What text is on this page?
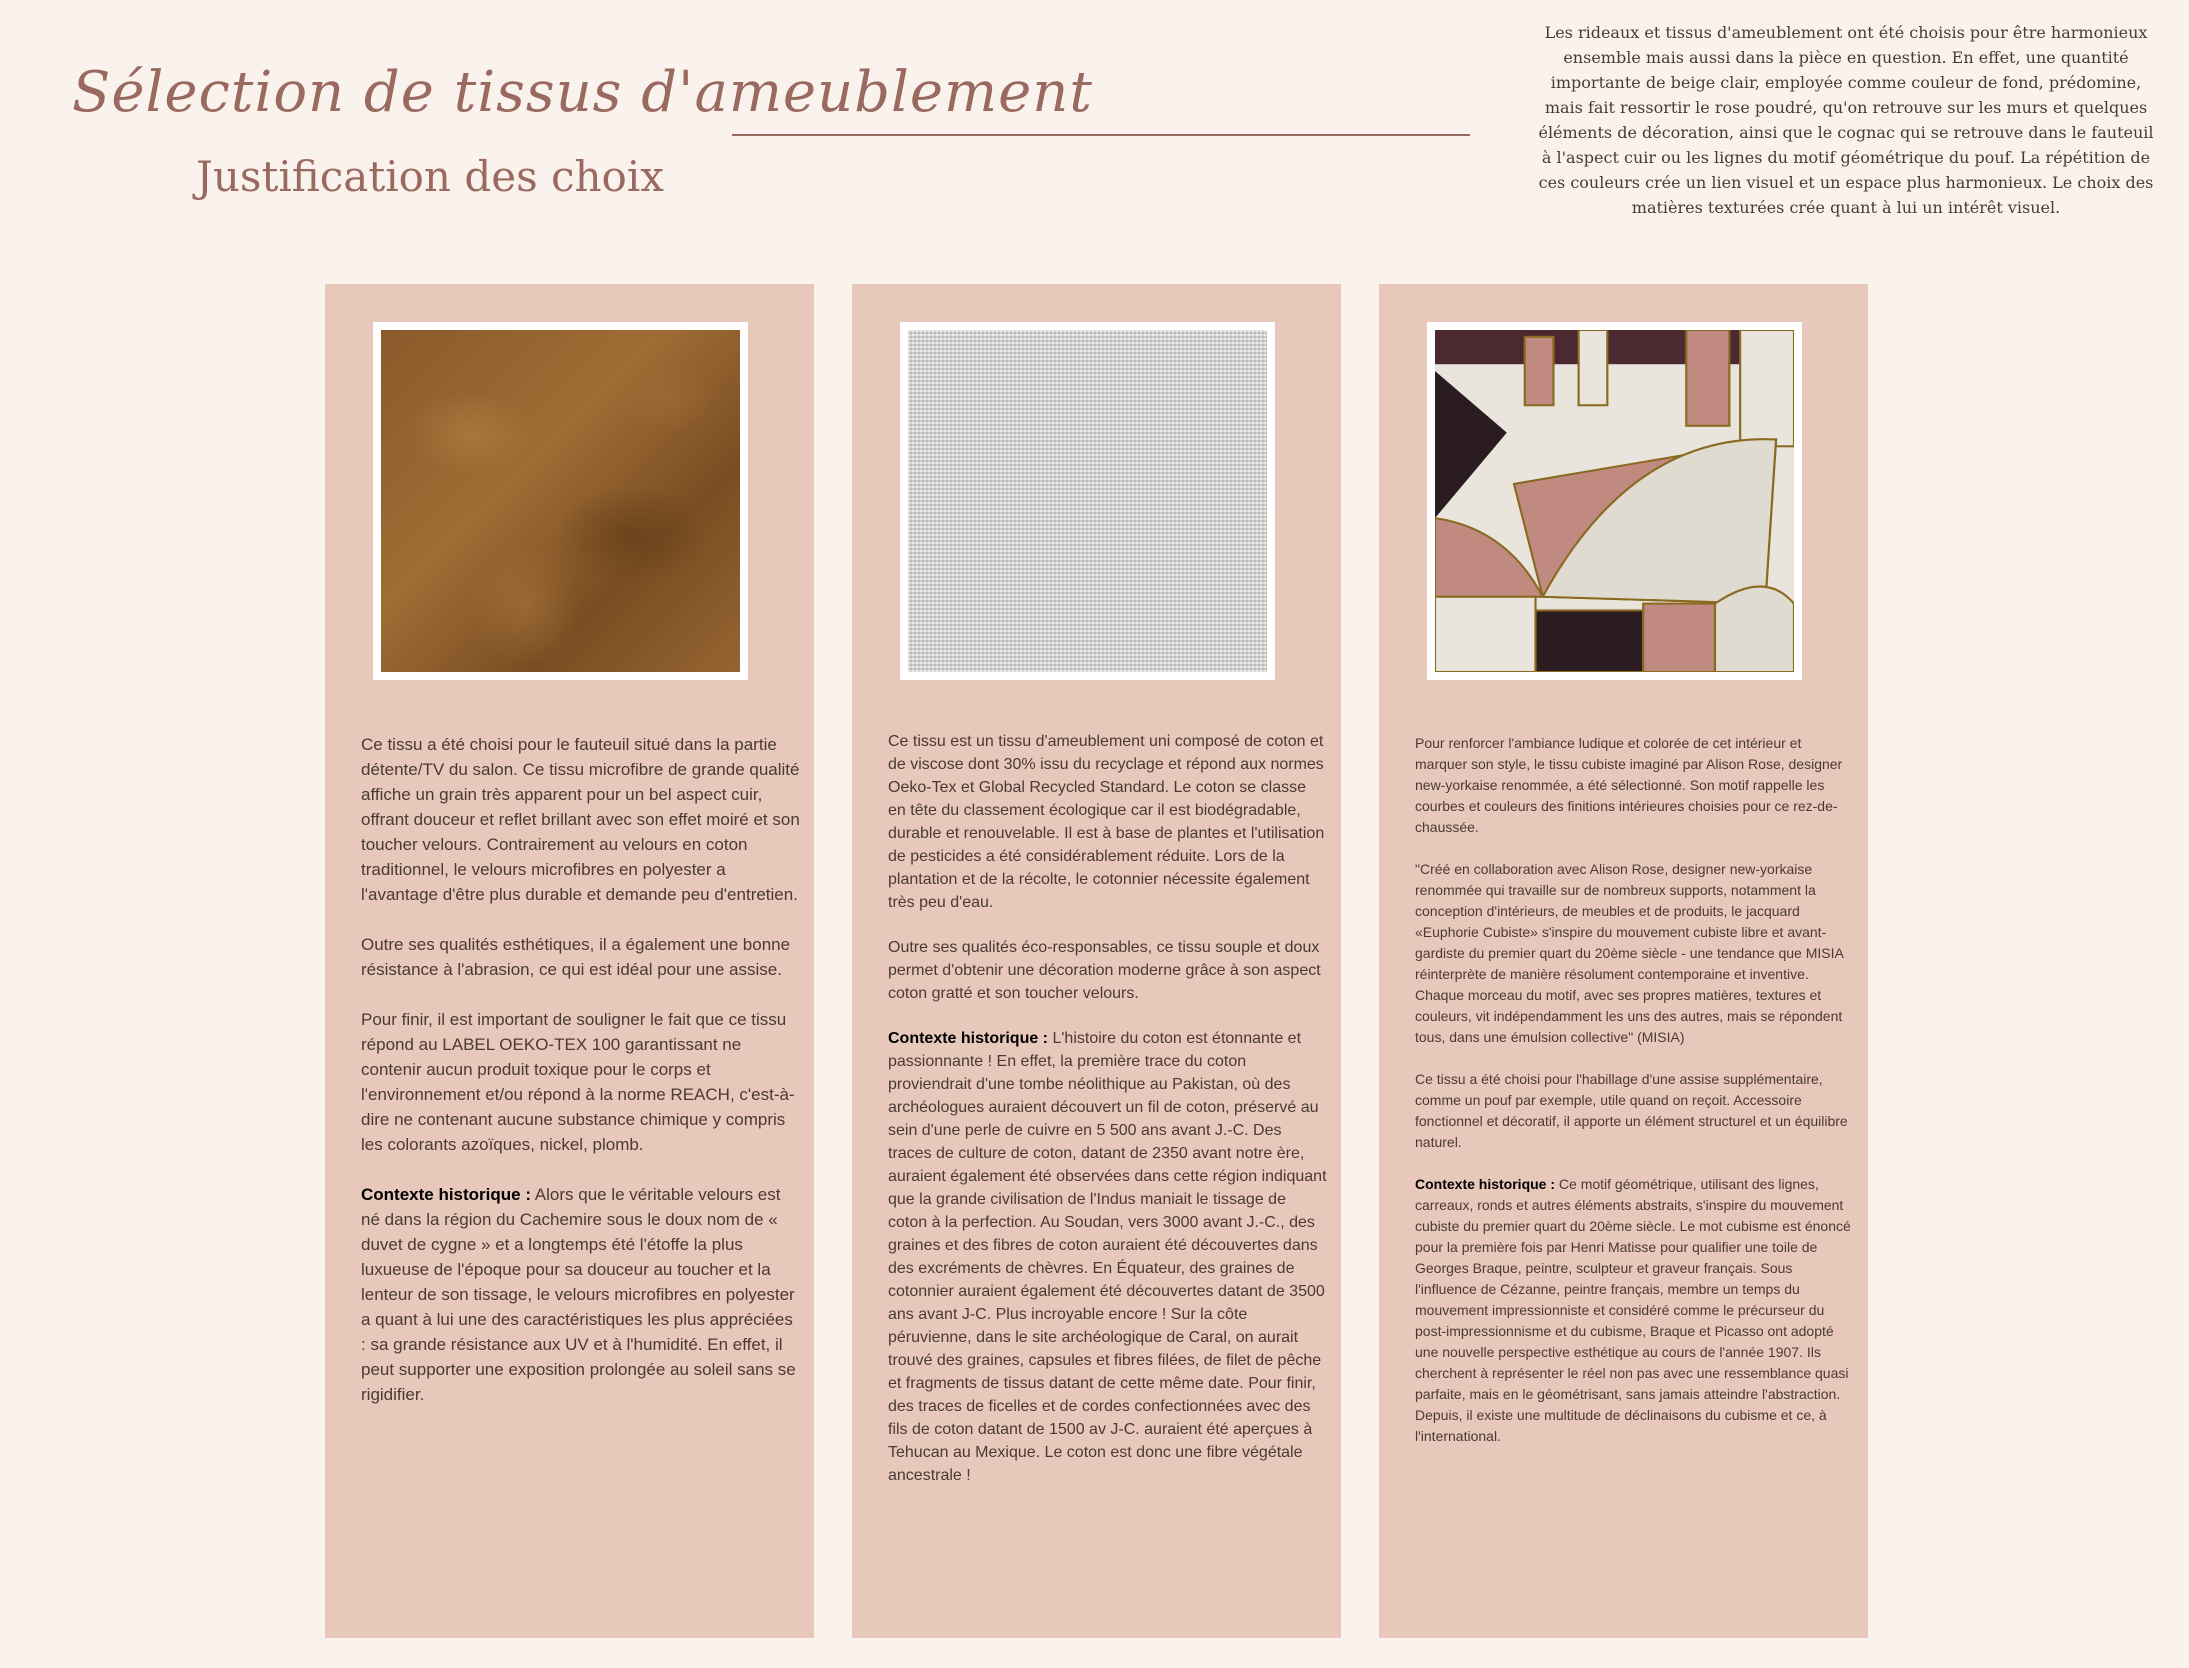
Sélection de tissus d'ameublement
Justification des choix

Les rideaux et tissus d'ameublement ont été choisis pour être harmonieux ensemble mais aussi dans la pièce en question. En effet, une quantité importante de beige clair, employée comme couleur de fond, prédomine, mais fait ressortir le rose poudré, qu'on retrouve sur les murs et quelques éléments de décoration, ainsi que le cognac qui se retrouve dans le fauteuil à l'aspect cuir ou les lignes du motif géométrique du pouf. La répétition de ces couleurs crée un lien visuel et un espace plus harmonieux. Le choix des matières texturées crée quant à lui un intérêt visuel.

Ce tissu a été choisi pour le fauteuil situé dans la partie détente/TV du salon. Ce tissu microfibre de grande qualité affiche un grain très apparent pour un bel aspect cuir, offrant douceur et reflet brillant avec son effet moiré et son toucher velours. Contrairement au velours en coton traditionnel, le velours microfibres en polyester a l'avantage d'être plus durable et demande peu d'entretien.

Outre ses qualités esthétiques, il a également une bonne résistance à l'abrasion, ce qui est idéal pour une assise.

Pour finir, il est important de souligner le fait que ce tissu répond au LABEL OEKO-TEX 100 garantissant ne contenir aucun produit toxique pour le corps et l'environnement et/ou répond à la norme REACH, c'est-à-dire ne contenant aucune substance chimique y compris les colorants azoïques, nickel, plomb.

Contexte historique : Alors que le véritable velours est né dans la région du Cachemire sous le doux nom de « duvet de cygne » et a longtemps été l'étoffe la plus luxueuse de l'époque pour sa douceur au toucher et la lenteur de son tissage, le velours microfibres en polyester a quant à lui une des caractéristiques les plus appréciées : sa grande résistance aux UV et à l'humidité. En effet, il peut supporter une exposition prolongée au soleil sans se rigidifier.

Ce tissu est un tissu d'ameublement uni composé de coton et de viscose dont 30% issu du recyclage et répond aux normes Oeko-Tex et Global Recycled Standard. Le coton se classe en tête du classement écologique car il est biodégradable, durable et renouvelable. Il est à base de plantes et l'utilisation de pesticides a été considérablement réduite. Lors de la plantation et de la récolte, le cotonnier nécessite également très peu d'eau.

Outre ses qualités éco-responsables, ce tissu souple et doux permet d'obtenir une décoration moderne grâce à son aspect coton gratté et son toucher velours.

Contexte historique : L'histoire du coton est étonnante et passionnante ! En effet, la première trace du coton proviendrait d'une tombe néolithique au Pakistan, où des archéologues auraient découvert un fil de coton, préservé au sein d'une perle de cuivre en 5 500 ans avant J.-C. Des traces de culture de coton, datant de 2350 avant notre ère, auraient également été observées dans cette région indiquant que la grande civilisation de l'Indus maniait le tissage de coton à la perfection. Au Soudan, vers 3000 avant J.-C., des graines et des fibres de coton auraient été découvertes dans des excréments de chèvres. En Équateur, des graines de cotonnier auraient également été découvertes datant de 3500 ans avant J-C. Plus incroyable encore ! Sur la côte péruvienne, dans le site archéologique de Caral, on aurait trouvé des graines, capsules et fibres filées, de filet de pêche et fragments de tissus datant de cette même date. Pour finir, des traces de ficelles et de cordes confectionnées avec des fils de coton datant de 1500 av J-C. auraient été aperçues à Tehucan au Mexique. Le coton est donc une fibre végétale ancestrale !

Pour renforcer l'ambiance ludique et colorée de cet intérieur et marquer son style, le tissu cubiste imaginé par Alison Rose, designer new-yorkaise renommée, a été sélectionné. Son motif rappelle les courbes et couleurs des finitions intérieures choisies pour ce rez-de-chaussée.

"Créé en collaboration avec Alison Rose, designer new-yorkaise renommée qui travaille sur de nombreux supports, notamment la conception d'intérieurs, de meubles et de produits, le jacquard «Euphorie Cubiste» s'inspire du mouvement cubiste libre et avant-gardiste du premier quart du 20ème siècle - une tendance que MISIA réinterprète de manière résolument contemporaine et inventive. Chaque morceau du motif, avec ses propres matières, textures et couleurs, vit indépendamment les uns des autres, mais se répondent tous, dans une émulsion collective" (MISIA)

Ce tissu a été choisi pour l'habillage d'une assise supplémentaire, comme un pouf par exemple, utile quand on reçoit. Accessoire fonctionnel et décoratif, il apporte un élément structurel et un équilibre naturel.

Contexte historique : Ce motif géométrique, utilisant des lignes, carreaux, ronds et autres éléments abstraits, s'inspire du mouvement cubiste du premier quart du 20ème siècle. Le mot cubisme est énoncé pour la première fois par Henri Matisse pour qualifier une toile de Georges Braque, peintre, sculpteur et graveur français. Sous l'influence de Cézanne, peintre français, membre un temps du mouvement impressionniste et considéré comme le précurseur du post-impressionnisme et du cubisme, Braque et Picasso ont adopté une nouvelle perspective esthétique au cours de l'année 1907. Ils cherchent à représenter le réel non pas avec une ressemblance quasi parfaite, mais en le géométrisant, sans jamais atteindre l'abstraction. Depuis, il existe une multitude de déclinaisons du cubisme et ce, à l'international.
